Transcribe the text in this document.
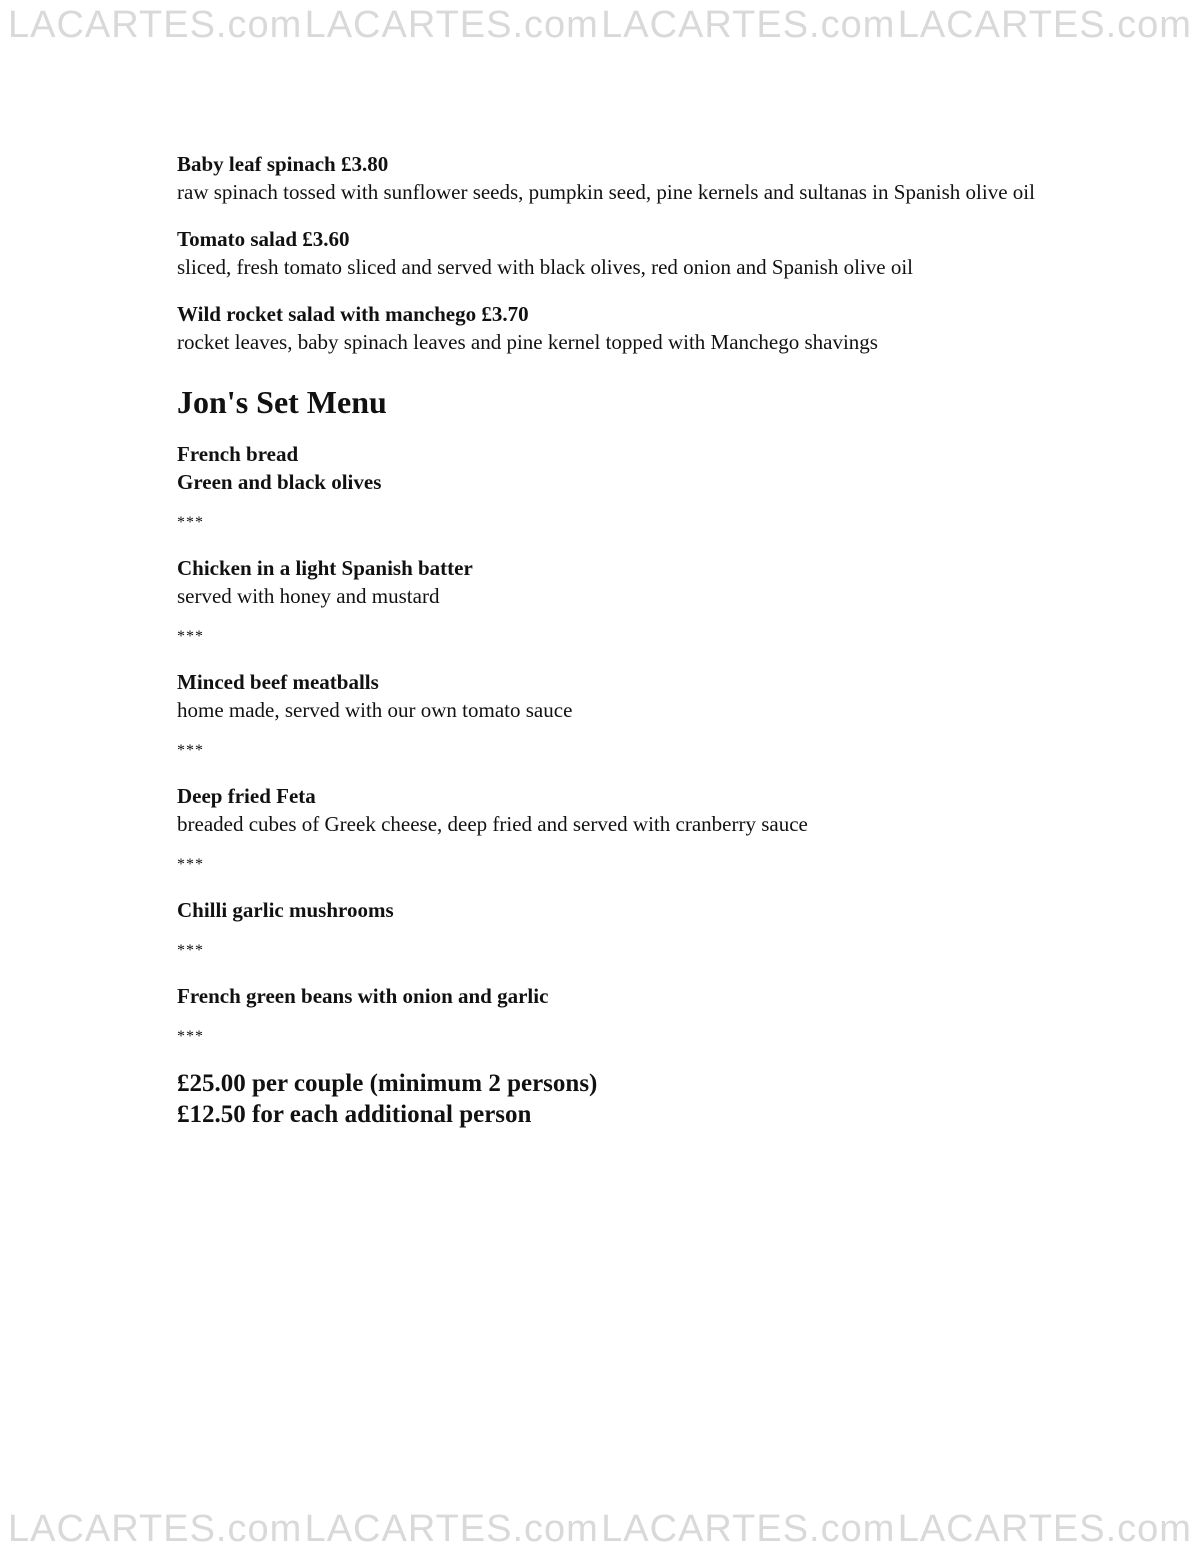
LACARTES.com LACARTES.com LACARTES.com LACARTES.com
Baby leaf spinach £3.80
raw spinach tossed with sunflower seeds, pumpkin seed, pine kernels and sultanas in Spanish olive oil
Tomato salad £3.60
sliced, fresh tomato sliced and served with black olives, red onion and Spanish olive oil
Wild rocket salad with manchego £3.70
rocket leaves, baby spinach leaves and pine kernel topped with Manchego shavings
Jon's Set Menu
French bread
Green and black olives
***
Chicken in a light Spanish batter
served with honey and mustard
***
Minced beef meatballs
home made, served with our own tomato sauce
***
Deep fried Feta
breaded cubes of Greek cheese, deep fried and served with cranberry sauce
***
Chilli garlic mushrooms
***
French green beans with onion and garlic
***
£25.00 per couple (minimum 2 persons)
£12.50 for each additional person
LACARTES.com LACARTES.com LACARTES.com LACARTES.com
